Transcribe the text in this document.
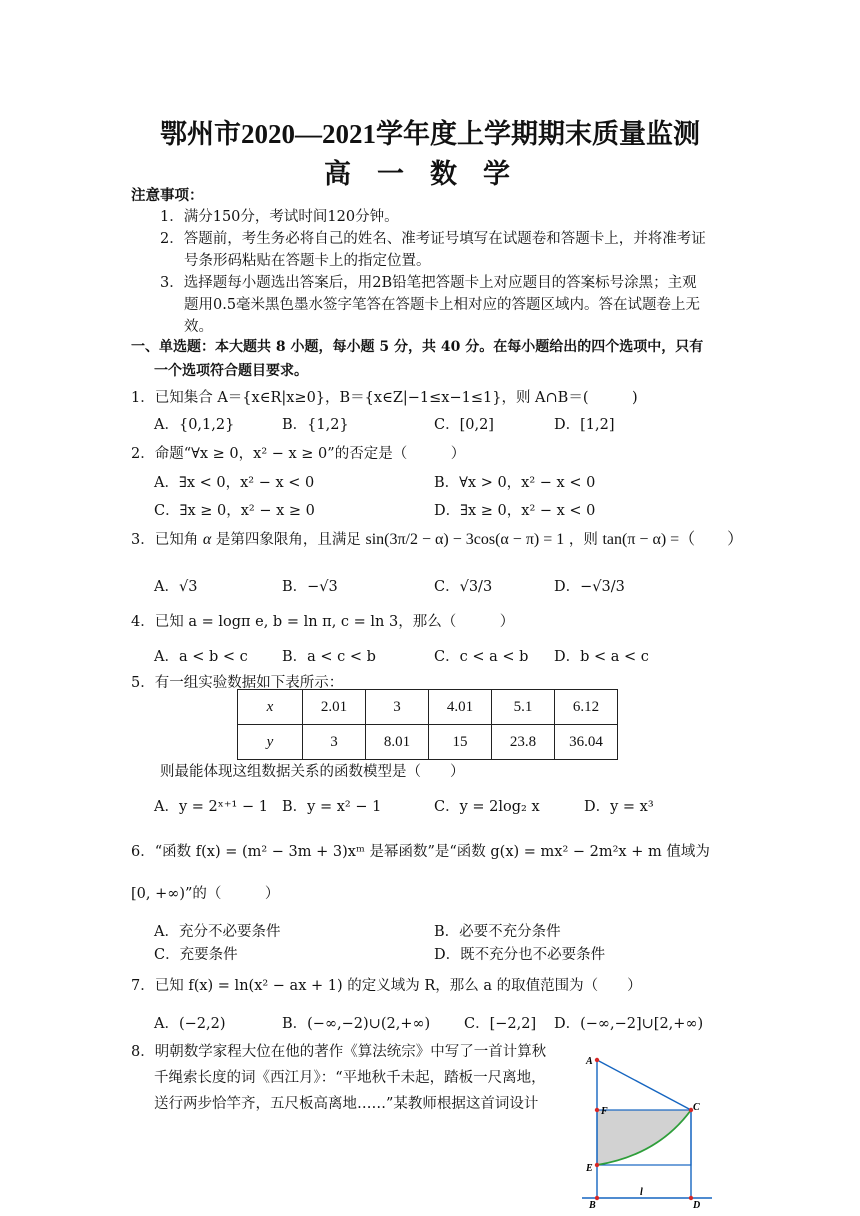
鄂州市2020—2021学年度上学期期末质量监测
高一数学
注意事项：
1．满分150分，考试时间120分钟。
2．答题前，考生务必将自己的姓名、准考证号填写在试题卷和答题卡上，并将准考证
号条形码粘贴在答题卡上的指定位置。
3．选择题每小题选出答案后，用2B铅笔把答题卡上对应题目的答案标号涂黑；主观
题用0.5毫米黑色墨水签字笔答在答题卡上相对应的答题区域内。答在试题卷上无
效。
一、单选题：本大题共 8 小题，每小题 5 分，共 40 分。在每小题给出的四个选项中，只有
一个选项符合题目要求。
1．已知集合 A＝{x∈R|x≥0}，B＝{x∈Z|−1≤x−1≤1}，则 A∩B＝(　　　)
A．{0,1,2}	B．{1,2}	C．[0,2]	D．[1,2]
2．命题“∀x ≥ 0，x² − x ≥ 0”的否定是（　　　）
A．∃x < 0，x² − x < 0	B．∀x > 0，x² − x < 0
C．∃x ≥ 0，x² − x ≥ 0	D．∃x ≥ 0，x² − x < 0
3．已知角 α 是第四象限角，且满足 sin(3π/2 − α) − 3cos(α − π) = 1 ，则 tan(π − α) =（　　）
A．√3	B．−√3	C．√3/3	D．−√3/3
4．已知 a = logπ e, b = ln π, c = ln 3，那么（　　　）
A．a < b < c B．a < c < b	C．c < a < b D．b < a < c
5．有一组实验数据如下表所示：
x	2.01	3	4.01	5.1	6.12
y	3	8.01	15	23.8	36.04
则最能体现这组数据关系的函数模型是（　　）
A．y = 2ˣ⁺¹ − 1 B．y = x² − 1	C．y = 2log₂ x	D．y = x³
6．“函数 f(x) = (m² − 3m + 3)xᵐ 是幂函数”是“函数 g(x) = mx² − 2m²x + m 值域为
[0, +∞)”的（　　　）
A．充分不必要条件	B．必要不充分条件
C．充要条件	D．既不充分也不必要条件
7．已知 f(x) = ln(x² − ax + 1) 的定义域为 R，那么 a 的取值范围为（　　）
A．(−2,2)	B．(−∞,−2)∪(2,+∞) C．[−2,2] D．(−∞,−2]∪[2,+∞)
8．明朝数学家程大位在他的著作《算法统宗》中写了一首计算秋
千绳索长度的词《西江月》：“平地秋千未起，踏板一尺离地，
送行两步恰竿齐，五尺板高离地……”某教师根据这首词设计
A
F	C
E
B	D
l
